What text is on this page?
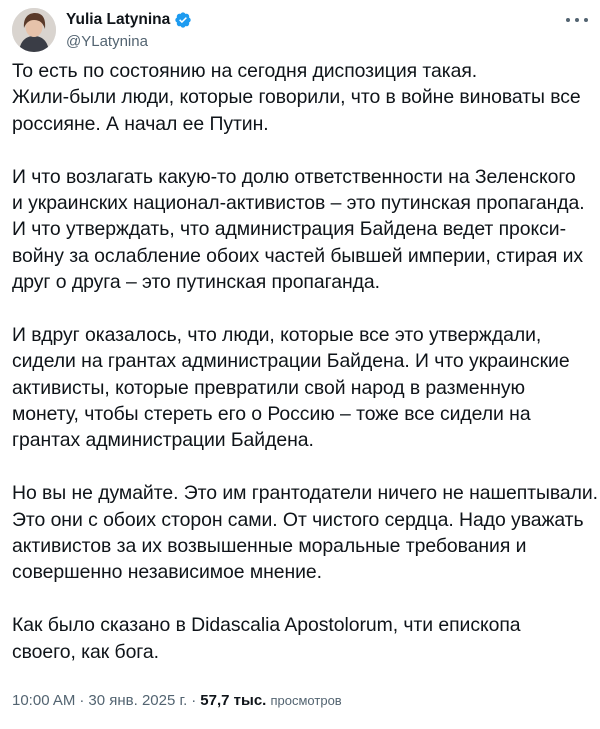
Yulia Latynina
@YLatynina
То есть по состоянию на сегодня диспозиция такая.
Жили-были люди, которые говорили, что в войне виноваты все
россияне. А начал ее Путин.
И что возлагать какую-то долю ответственности на Зеленского
и украинских национал-активистов – это путинская пропаганда.
И что утверждать, что администрация Байдена ведет прокси-
войну за ослабление обоих частей бывшей империи, стирая их
друг о друга – это путинская пропаганда.
И вдруг оказалось, что люди, которые все это утверждали,
сидели на грантах администрации Байдена. И что украинские
активисты, которые превратили свой народ в разменную
монету, чтобы стереть его о Россию – тоже все сидели на
грантах администрации Байдена.
Но вы не думайте. Это им грантодатели ничего не нашептывали.
Это они с обоих сторон сами. От чистого сердца. Надо уважать
активистов за их возвышенные моральные требования и
совершенно независимое мнение.
Как было сказано в Didascalia Apostolorum, чти епископа
своего, как бога.
10:00 AM · 30 янв. 2025 г. · 57,7 тыс.
просмотров
